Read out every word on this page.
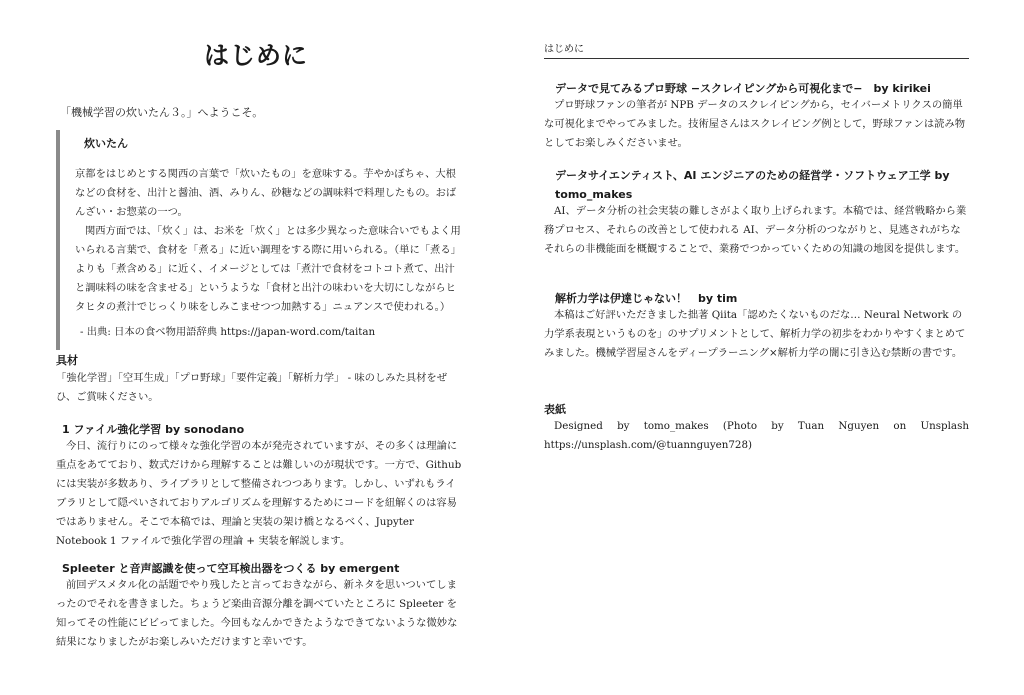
はじめに
「機械学習の炊いたん３。」へようこそ。
炊いたん

京都をはじめとする関西の言葉で「炊いたもの」を意味する。芋やかぼちゃ、大根などの食材を、出汁と醤油、酒、みりん、砂糖などの調味料で料理したもの。おばんざい・お惣菜の一つ。

関西方面では、「炊く」は、お米を「炊く」とは多少異なった意味合いでもよく用いられる言葉で、食材を「煮る」に近い調理をする際に用いられる。（単に「煮る」よりも「煮含める」に近く、イメージとしては「煮汁で食材をコトコト煮て、出汁と調味料の味を含ませる」というような「食材と出汁の味わいを大切にしながらヒタヒタの煮汁でじっくり味をしみこませつつ加熱する」ニュアンスで使われる。）

- 出典: 日本の食べ物用語辞典 https://japan-word.com/taitan
具材

「強化学習」「空耳生成」「プロ野球」「要件定義」「解析力学」 - 味のしみた具材をぜひ、ご賞味ください。

1 ファイル強化学習 by sonodano

今日、流行りにのって様々な強化学習の本が発売されていますが、その多くは理論に重点をあてており、数式だけから理解することは難しいのが現状です。一方で、Github には実装が多数あり、ライブラリとして整備されつつあります。しかし、いずれもライブラリとして隠ぺいされておりアルゴリズムを理解するためにコードを紐解くのは容易ではありません。そこで本稿では、理論と実装の架け橋となるべく、Jupyter Notebook 1 ファイルで強化学習の理論 + 実装を解説します。

Spleeter と音声認識を使って空耳検出器をつくる by emergent

前回デスメタル化の話題でやり残したと言っておきながら、新ネタを思いついてしまったのでそれを書きました。ちょうど楽曲音源分離を調べていたところに Spleeter を知ってその性能にビビってました。今回もなんかできたようなできてないような微妙な結果になりましたがお楽しみいただけますと幸いです。

はじめに
データで見てみるプロ野球 −スクレイピングから可視化まで−　by kirikei

プロ野球ファンの筆者が NPB データのスクレイピングから，セイバーメトリクスの簡単な可視化までやってみました。技術屋さんはスクレイピング例として，野球ファンは読み物としてお楽しみくださいませ。

データサイエンティスト、AI エンジニアのための経営学・ソフトウェア工学 by tomo_makes

AI、データ分析の社会実装の難しさがよく取り上げられます。本稿では、経営戦略から業務プロセス、それらの改善として使われる AI、データ分析のつながりと、見逃されがちなそれらの非機能面を概観することで、業務でつかっていくための知識の地図を提供します。

解析力学は伊達じゃない！　by tim

本稿はご好評いただきました拙著 Qiita「認めたくないものだな… Neural Network の力学系表現というものを」のサプリメントとして、解析力学の初歩をわかりやすくまとめてみました。機械学習屋さんをディープラーニング×解析力学の闇に引き込む禁断の書です。

表紙

Designed by tomo_makes (Photo by Tuan Nguyen on Unsplash

https://unsplash.com/@tuannguyen728)
